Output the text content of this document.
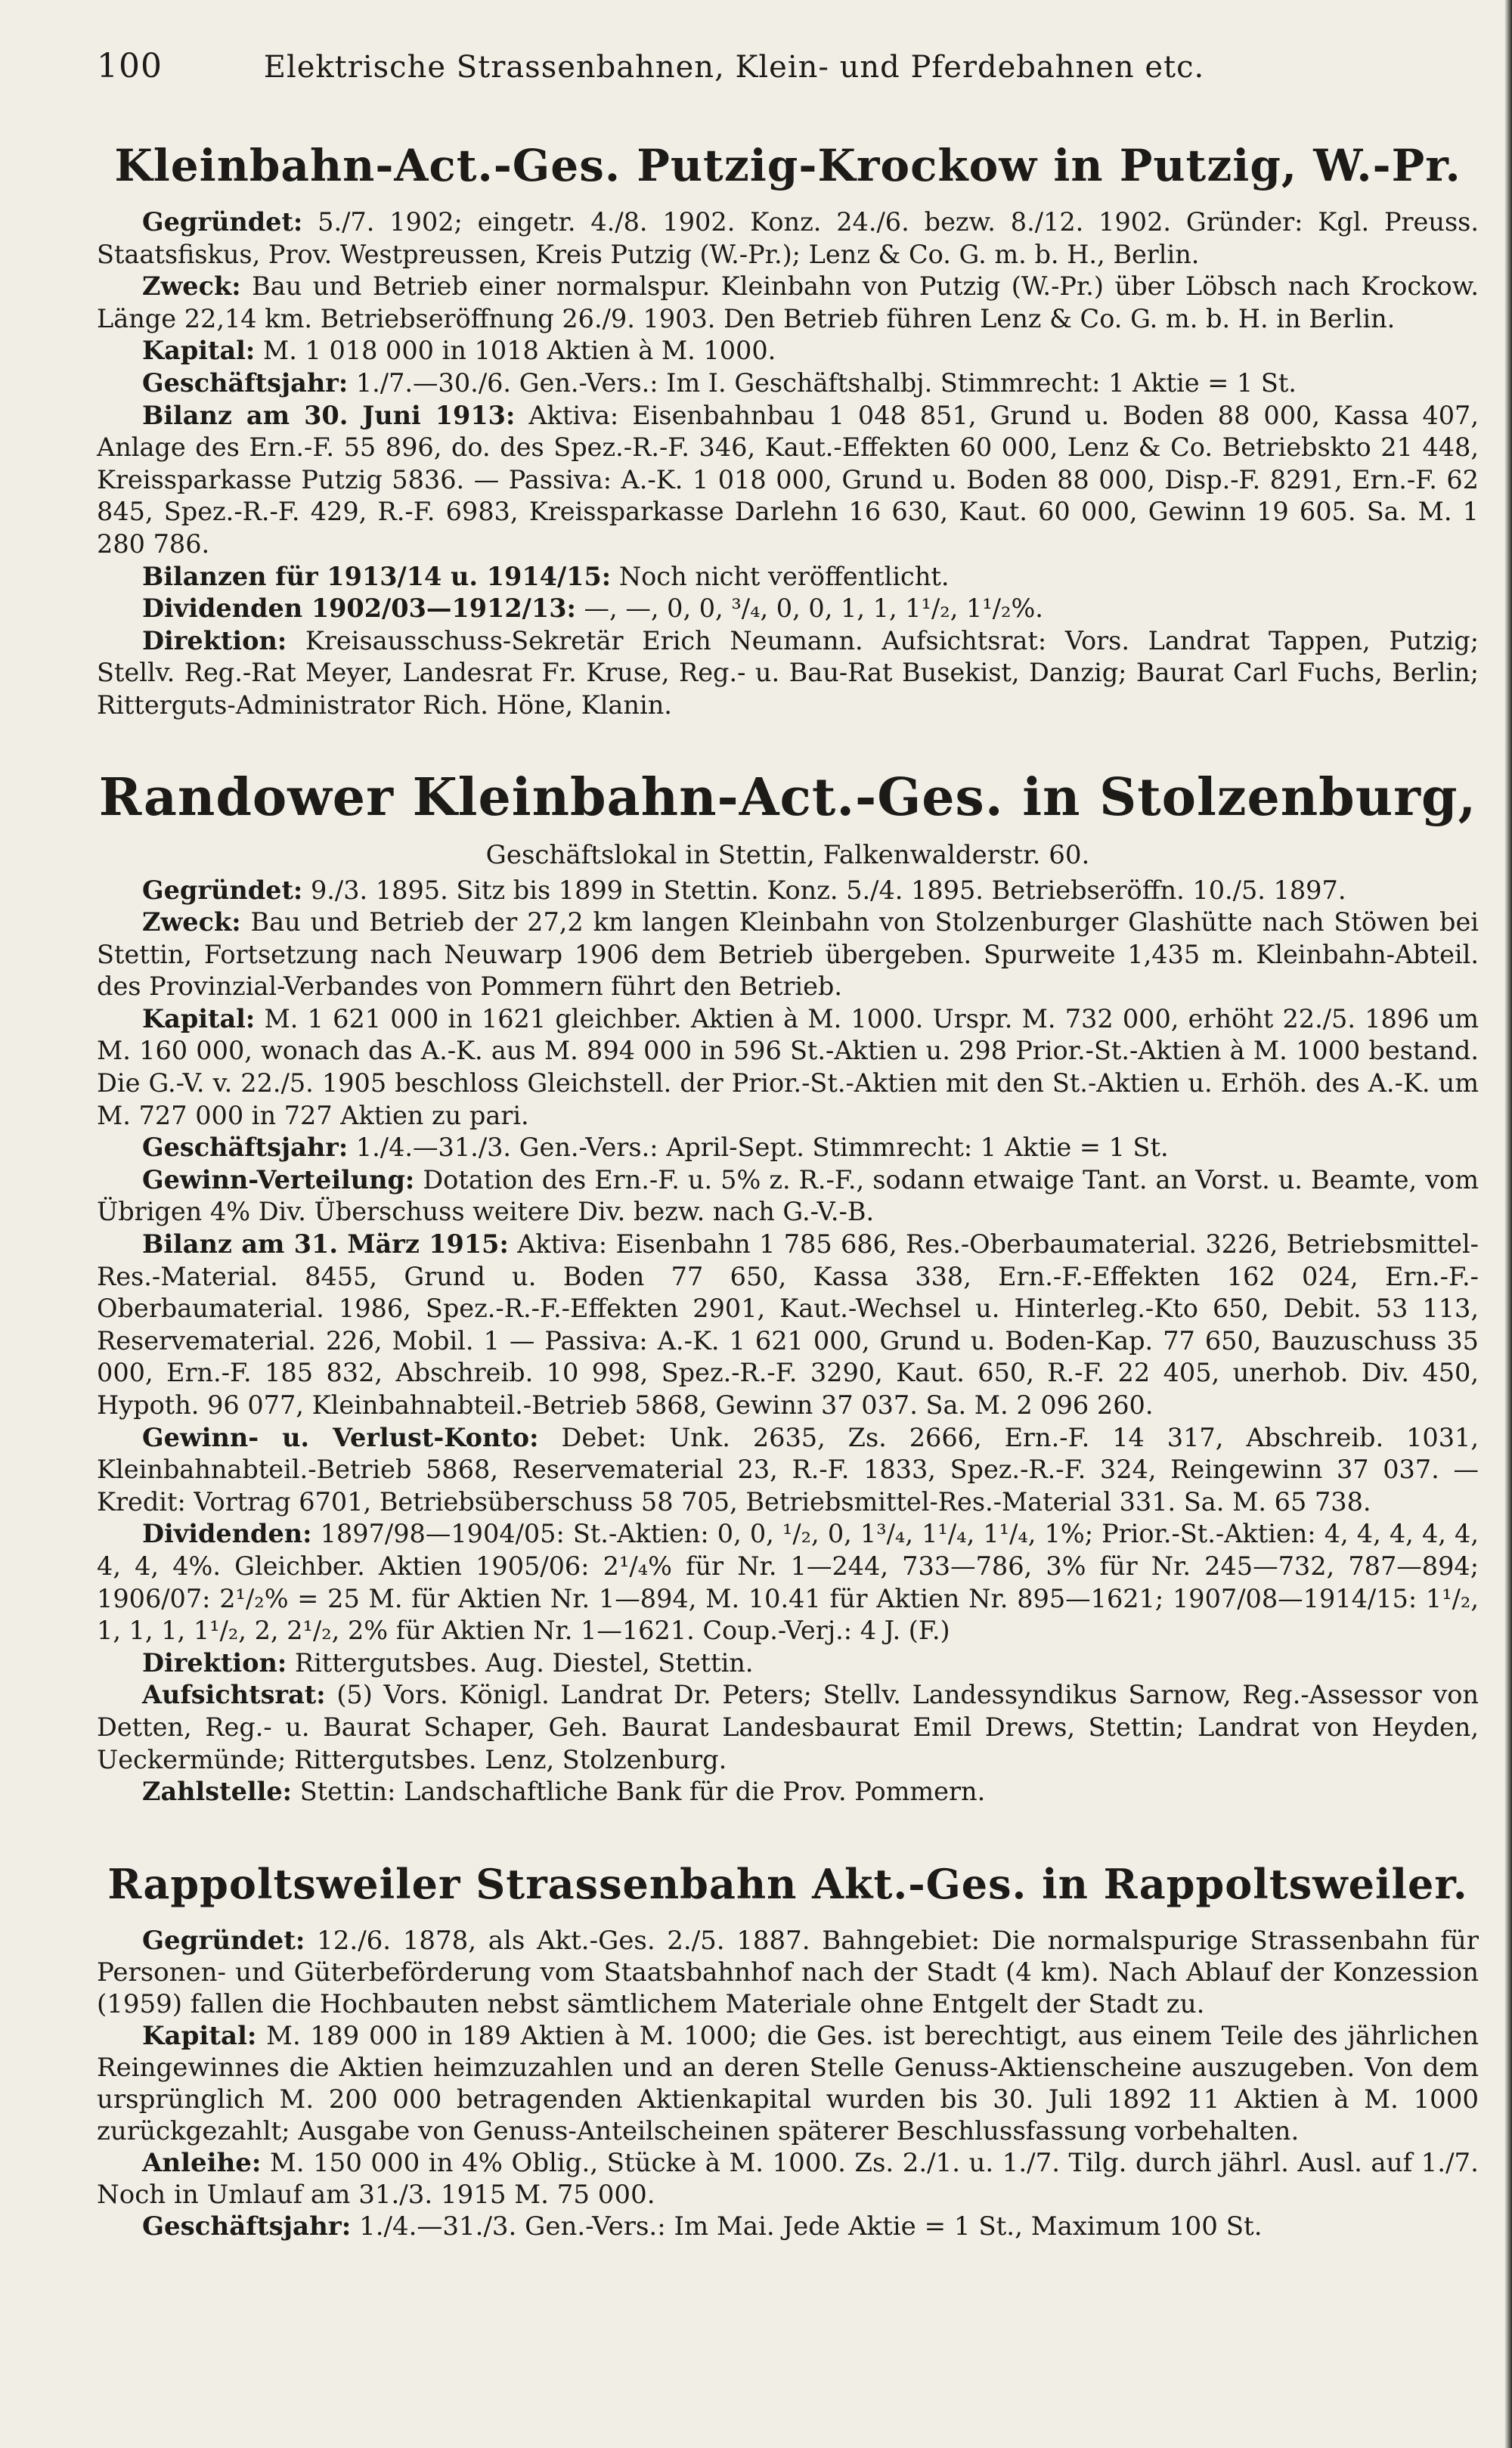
100	Elektrische Strassenbahnen, Klein- und Pferdebahnen etc.
Kleinbahn-Act.-Ges. Putzig-Krockow in Putzig, W.-Pr.

Gegründet: 5./7. 1902; eingetr. 4./8. 1902. Konz. 24./6. bezw. 8./12. 1902. Gründer: Kgl. Preuss. Staatsfiskus, Prov. Westpreussen, Kreis Putzig (W.-Pr.); Lenz & Co. G. m. b. H., Berlin.

Zweck: Bau und Betrieb einer normalspur. Kleinbahn von Putzig (W.-Pr.) über Löbsch nach Krockow. Länge 22,14 km. Betriebseröffnung 26./9. 1903. Den Betrieb führen Lenz & Co. G. m. b. H. in Berlin.

Kapital: M. 1 018 000 in 1018 Aktien à M. 1000.

Geschäftsjahr: 1./7.—30./6. Gen.-Vers.: Im I. Geschäftshalbj. Stimmrecht: 1 Aktie = 1 St.

Bilanz am 30. Juni 1913: Aktiva: Eisenbahnbau 1 048 851, Grund u. Boden 88 000, Kassa 407, Anlage des Ern.-F. 55 896, do. des Spez.-R.-F. 346, Kaut.-Effekten 60 000, Lenz & Co. Betriebskto 21 448, Kreissparkasse Putzig 5836. — Passiva: A.-K. 1 018 000, Grund u. Boden 88 000, Disp.-F. 8291, Ern.-F. 62 845, Spez.-R.-F. 429, R.-F. 6983, Kreissparkasse Darlehn 16 630, Kaut. 60 000, Gewinn 19 605. Sa. M. 1 280 786.

Bilanzen für 1913/14 u. 1914/15: Noch nicht veröffentlicht.

Dividenden 1902/03—1912/13: —, —, 0, 0, ³/₄, 0, 0, 1, 1, 1¹/₂, 1¹/₂%.

Direktion: Kreisausschuss-Sekretär Erich Neumann. Aufsichtsrat: Vors. Landrat Tappen, Putzig; Stellv. Reg.-Rat Meyer, Landesrat Fr. Kruse, Reg.- u. Bau-Rat Busekist, Danzig; Baurat Carl Fuchs, Berlin; Ritterguts-Administrator Rich. Höne, Klanin.

Randower Kleinbahn-Act.-Ges. in Stolzenburg,
Geschäftslokal in Stettin, Falkenwalderstr. 60.

Gegründet: 9./3. 1895. Sitz bis 1899 in Stettin. Konz. 5./4. 1895. Betriebseröffn. 10./5. 1897.

Zweck: Bau und Betrieb der 27,2 km langen Kleinbahn von Stolzenburger Glashütte nach Stöwen bei Stettin, Fortsetzung nach Neuwarp 1906 dem Betrieb übergeben. Spurweite 1,435 m. Kleinbahn-Abteil. des Provinzial-Verbandes von Pommern führt den Betrieb.

Kapital: M. 1 621 000 in 1621 gleichber. Aktien à M. 1000. Urspr. M. 732 000, erhöht 22./5. 1896 um M. 160 000, wonach das A.-K. aus M. 894 000 in 596 St.-Aktien u. 298 Prior.-St.-Aktien à M. 1000 bestand. Die G.-V. v. 22./5. 1905 beschloss Gleichstell. der Prior.-St.-Aktien mit den St.-Aktien u. Erhöh. des A.-K. um M. 727 000 in 727 Aktien zu pari.

Geschäftsjahr: 1./4.—31./3. Gen.-Vers.: April-Sept. Stimmrecht: 1 Aktie = 1 St.

Gewinn-Verteilung: Dotation des Ern.-F. u. 5% z. R.-F., sodann etwaige Tant. an Vorst. u. Beamte, vom Übrigen 4% Div. Überschuss weitere Div. bezw. nach G.-V.-B.

Bilanz am 31. März 1915: Aktiva: Eisenbahn 1 785 686, Res.-Oberbaumaterial. 3226, Betriebsmittel-Res.-Material. 8455, Grund u. Boden 77 650, Kassa 338, Ern.-F.-Effekten 162 024, Ern.-F.-Oberbaumaterial. 1986, Spez.-R.-F.-Effekten 2901, Kaut.-Wechsel u. Hinterleg.-Kto 650, Debit. 53 113, Reservematerial. 226, Mobil. 1 — Passiva: A.-K. 1 621 000, Grund u. Boden-Kap. 77 650, Bauzuschuss 35 000, Ern.-F. 185 832, Abschreib. 10 998, Spez.-R.-F. 3290, Kaut. 650, R.-F. 22 405, unerhob. Div. 450, Hypoth. 96 077, Kleinbahnabteil.-Betrieb 5868, Gewinn 37 037. Sa. M. 2 096 260.

Gewinn- u. Verlust-Konto: Debet: Unk. 2635, Zs. 2666, Ern.-F. 14 317, Abschreib. 1031, Kleinbahnabteil.-Betrieb 5868, Reservematerial 23, R.-F. 1833, Spez.-R.-F. 324, Reingewinn 37 037. — Kredit: Vortrag 6701, Betriebsüberschuss 58 705, Betriebsmittel-Res.-Material 331. Sa. M. 65 738.

Dividenden: 1897/98—1904/05: St.-Aktien: 0, 0, ¹/₂, 0, 1³/₄, 1¹/₄, 1¹/₄, 1%; Prior.-St.-Aktien: 4, 4, 4, 4, 4, 4, 4, 4%. Gleichber. Aktien 1905/06: 2¹/₄% für Nr. 1—244, 733—786, 3% für Nr. 245—732, 787—894; 1906/07: 2¹/₂% = 25 M. für Aktien Nr. 1—894, M. 10.41 für Aktien Nr. 895—1621; 1907/08—1914/15: 1¹/₂, 1, 1, 1, 1¹/₂, 2, 2¹/₂, 2% für Aktien Nr. 1—1621. Coup.-Verj.: 4 J. (F.)

Direktion: Rittergutsbes. Aug. Diestel, Stettin.

Aufsichtsrat: (5) Vors. Königl. Landrat Dr. Peters; Stellv. Landessyndikus Sarnow, Reg.-Assessor von Detten, Reg.- u. Baurat Schaper, Geh. Baurat Landesbaurat Emil Drews, Stettin; Landrat von Heyden, Ueckermünde; Rittergutsbes. Lenz, Stolzenburg.

Zahlstelle: Stettin: Landschaftliche Bank für die Prov. Pommern.

Rappoltsweiler Strassenbahn Akt.-Ges. in Rappoltsweiler.

Gegründet: 12./6. 1878, als Akt.-Ges. 2./5. 1887. Bahngebiet: Die normalspurige Strassenbahn für Personen- und Güterbeförderung vom Staatsbahnhof nach der Stadt (4 km). Nach Ablauf der Konzession (1959) fallen die Hochbauten nebst sämtlichem Materiale ohne Entgelt der Stadt zu.

Kapital: M. 189 000 in 189 Aktien à M. 1000; die Ges. ist berechtigt, aus einem Teile des jährlichen Reingewinnes die Aktien heimzuzahlen und an deren Stelle Genuss-Aktienscheine auszugeben. Von dem ursprünglich M. 200 000 betragenden Aktienkapital wurden bis 30. Juli 1892 11 Aktien à M. 1000 zurückgezahlt; Ausgabe von Genuss-Anteilscheinen späterer Beschlussfassung vorbehalten.

Anleihe: M. 150 000 in 4% Oblig., Stücke à M. 1000. Zs. 2./1. u. 1./7. Tilg. durch jährl. Ausl. auf 1./7. Noch in Umlauf am 31./3. 1915 M. 75 000.

Geschäftsjahr: 1./4.—31./3. Gen.-Vers.: Im Mai. Jede Aktie = 1 St., Maximum 100 St.
